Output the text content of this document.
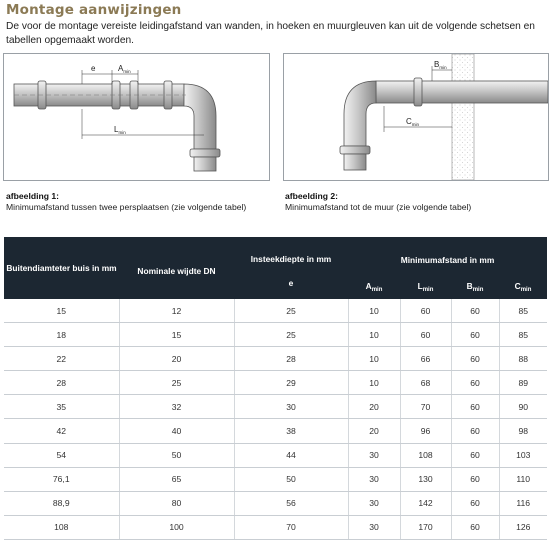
Montage aanwijzingen
De voor de montage vereiste leidingafstand van wanden, in hoeken en muurgleuven kan uit de volgende schetsen en tabellen opgemaakt worden.
e	$A_{min}$
$L_{min}$
$B_{min}$
$C_{min}$
afbeelding 1:
Minimumafstand tussen twee persplaatsen (zie volgende tabel)
afbeelding 2:
Minimumafstand tot de muur (zie volgende tabel)
Buitendiamteter buis in mm	Nominale wijdte DN	Insteekdiepte in mm	Minimumafstand in mm			
		e	$A_{min}$	$L_{min}$	$B_{min}$	$C_{min}$
15	12	25	10	60	60	85
18	15	25	10	60	60	85
22	20	28	10	66	60	88
28	25	29	10	68	60	89
35	32	30	20	70	60	90
42	40	38	20	96	60	98
54	50	44	30	108	60	103
76,1	65	50	30	130	60	110
88,9	80	56	30	142	60	116
108	100	70	30	170	60	126
